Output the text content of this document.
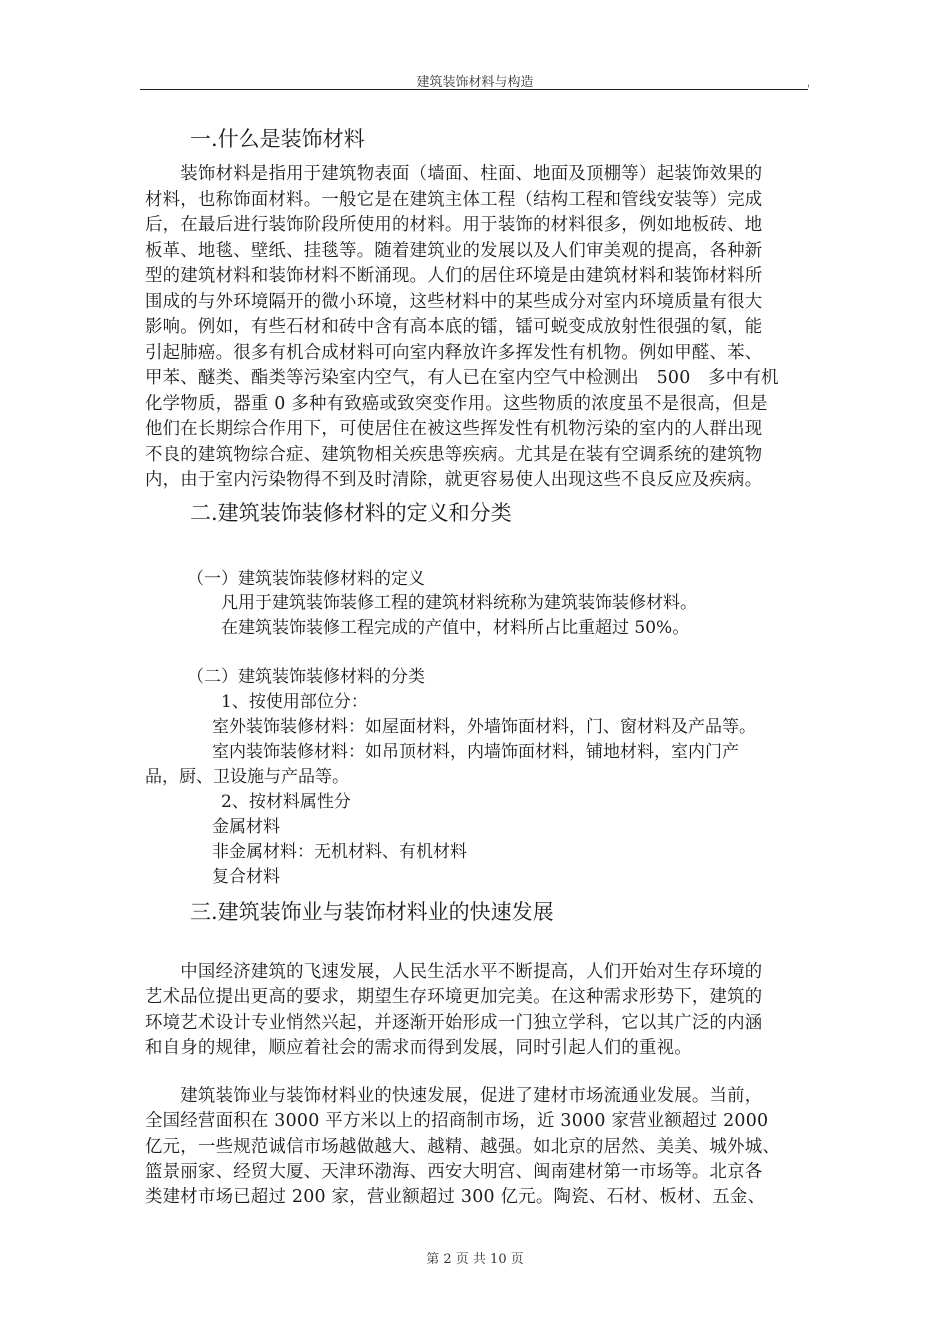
建筑装饰材料与构造	'
一.什么是装饰材料
　　装饰材料是指用于建筑物表面（墙面、柱面、地面及顶棚等）起装饰效果的
材料，也称饰面材料。一般它是在建筑主体工程（结构工程和管线安装等）完成
后，在最后进行装饰阶段所使用的材料。用于装饰的材料很多，例如地板砖、地
板革、地毯、壁纸、挂毯等。随着建筑业的发展以及人们审美观的提高，各种新
型的建筑材料和装饰材料不断涌现。人们的居住环境是由建筑材料和装饰材料所
围成的与外环境隔开的微小环境，这些材料中的某些成分对室内环境质量有很大
影响。例如，有些石材和砖中含有高本底的镭，镭可蜕变成放射性很强的氡，能
引起肺癌。很多有机合成材料可向室内释放许多挥发性有机物。例如甲醛、苯、
甲苯、醚类、酯类等污染室内空气，有人已在室内空气中检测出　500　多中有机
化学物质，器重 0 多种有致癌或致突变作用。这些物质的浓度虽不是很高，但是
他们在长期综合作用下，可使居住在被这些挥发性有机物污染的室内的人群出现
不良的建筑物综合症、建筑物相关疾患等疾病。尤其是在装有空调系统的建筑物
内，由于室内污染物得不到及时清除，就更容易使人出现这些不良反应及疾病。
二.建筑装饰装修材料的定义和分类
（一）建筑装饰装修材料的定义
凡用于建筑装饰装修工程的建筑材料统称为建筑装饰装修材料。
在建筑装饰装修工程完成的产值中，材料所占比重超过 50%。
（二）建筑装饰装修材料的分类
1、按使用部位分：
室外装饰装修材料：如屋面材料，外墙饰面材料，门、窗材料及产品等。
室内装饰装修材料：如吊顶材料，内墙饰面材料，铺地材料，室内门产
品，厨、卫设施与产品等。
2、按材料属性分
金属材料
非金属材料：无机材料、有机材料
复合材料
三.建筑装饰业与装饰材料业的快速发展
　　中国经济建筑的飞速发展，人民生活水平不断提高，人们开始对生存环境的
艺术品位提出更高的要求，期望生存环境更加完美。在这种需求形势下，建筑的
环境艺术设计专业悄然兴起，并逐渐开始形成一门独立学科，它以其广泛的内涵
和自身的规律，顺应着社会的需求而得到发展，同时引起人们的重视。
　　建筑装饰业与装饰材料业的快速发展，促进了建材市场流通业发展。当前，
全国经营面积在 3000 平方米以上的招商制市场，近 3000 家营业额超过 2000
亿元，一些规范诚信市场越做越大、越精、越强。如北京的居然、美美、城外城、
篮景丽家、经贸大厦、天津环渤海、西安大明宫、闽南建材第一市场等。北京各
类建材市场已超过 200 家，营业额超过 300 亿元。陶瓷、石材、板材、五金、
第 2 页 共 10 页
